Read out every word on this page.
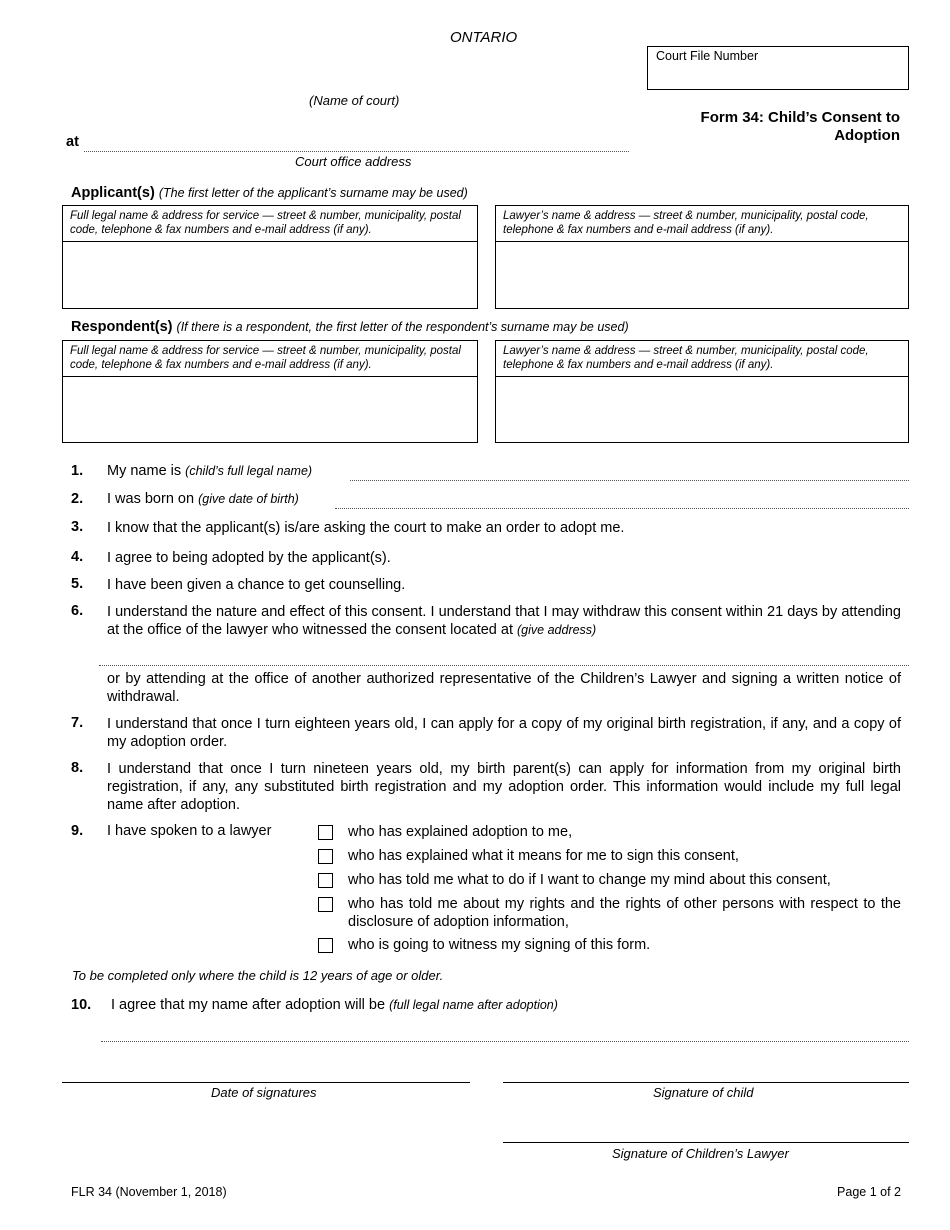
ONTARIO
Court File Number
(Name of court)
Form 34: Child’s Consent to
Adoption
at
Court office address
Applicant(s) (The first letter of the applicant’s surname may be used)
Full legal name & address for service — street & number, municipality, postal code, telephone & fax numbers and e-mail address (if any).
Lawyer’s name & address — street & number, municipality, postal code, telephone & fax numbers and e-mail address (if any).
Respondent(s) (If there is a respondent, the first letter of the respondent’s surname may be used)
Full legal name & address for service — street & number, municipality, postal code, telephone & fax numbers and e-mail address (if any).
Lawyer’s name & address — street & number, municipality, postal code, telephone & fax numbers and e-mail address (if any).
1. My name is (child’s full legal name)
2. I was born on (give date of birth)
3. I know that the applicant(s) is/are asking the court to make an order to adopt me.
4. I agree to being adopted by the applicant(s).
5. I have been given a chance to get counselling.
6. I understand the nature and effect of this consent. I understand that I may withdraw this consent within 21 days by attending at the office of the lawyer who witnessed the consent located at (give address)
or by attending at the office of another authorized representative of the Children’s Lawyer and signing a written notice of withdrawal.
7. I understand that once I turn eighteen years old, I can apply for a copy of my original birth registration, if any, and a copy of my adoption order.
8. I understand that once I turn nineteen years old, my birth parent(s) can apply for information from my original birth registration, if any, any substituted birth registration and my adoption order. This information would include my full legal name after adoption.
9. I have spoken to a lawyer	who has explained adoption to me,
who has explained what it means for me to sign this consent,
who has told me what to do if I want to change my mind about this consent,
who has told me about my rights and the rights of other persons with respect to the disclosure of adoption information,
who is going to witness my signing of this form.
To be completed only where the child is 12 years of age or older.
10. I agree that my name after adoption will be (full legal name after adoption)
Date of signatures	Signature of child
Signature of Children’s Lawyer
FLR 34 (November 1, 2018)	Page 1 of 2
